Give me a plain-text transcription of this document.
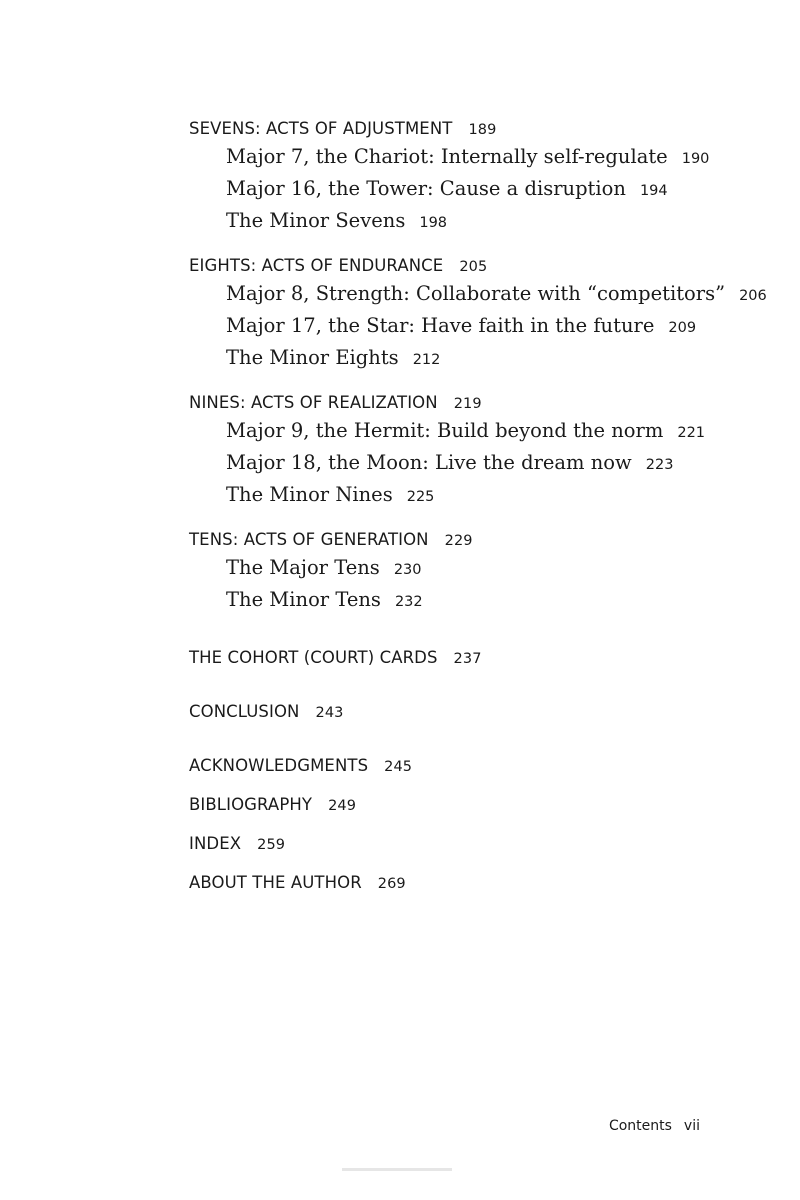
SEVENS: ACTS OF ADJUSTMENT 189
Major 7, the Chariot: Internally self-regulate 190
Major 16, the Tower: Cause a disruption 194
The Minor Sevens 198
EIGHTS: ACTS OF ENDURANCE 205
Major 8, Strength: Collaborate with “competitors” 206
Major 17, the Star: Have faith in the future 209
The Minor Eights 212
NINES: ACTS OF REALIZATION 219
Major 9, the Hermit: Build beyond the norm 221
Major 18, the Moon: Live the dream now 223
The Minor Nines 225
TENS: ACTS OF GENERATION 229
The Major Tens 230
The Minor Tens 232
THE COHORT (COURT) CARDS 237
CONCLUSION 243
ACKNOWLEDGMENTS 245
BIBLIOGRAPHY 249
INDEX 259
ABOUT THE AUTHOR 269
Contents vii
